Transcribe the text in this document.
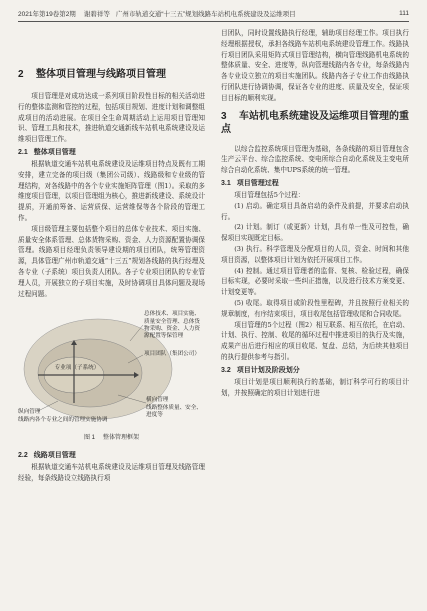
2021年第19卷第2期 谢碧祥等 广州市轨道交通“十三五”规划线路车站机电系统建设及运维项目	111
2 整体项目管理与线路项目管理

项目管理是对成功达成一系列项目阶段性目标的相关活动进行的整体监测和管控的过程，包括项目规划、进度计划和调整组成项目的活动进展。在项目全生命周期活动上运用项目管理知识、管理工具和技术，推进轨道交通新线车站机电系统建设及运维项目管理工作。

2.1 整体项目管理

根据轨道交通车站机电系统建设及运维项目特点及既有工期安排，建立完备的项目级（集团公司级）、线路级和专业级的管理结构，对各线路中的各个专业实施矩阵管理（图1）。采取的多维度项目管理，以项目管理组为核心，推进新线建设、系统设计提质，开通前筹备、运营质保、运营维保等各个阶段的管理工作。

项目级管理主要包括整个项目的总体专业技术、项目实施、质量安全体系管理、总体货物采购、资金、人力资源配置协调保管理。线路项目经理负责领导建设期的项目团队，统筹管理资源，具体管理广州市轨道交通“十三五”规划各线路的执行经理及各专业（子系统）项目负责人团队。各子专业项目团队的专业管理人员，开展独立的子项目实施，及时协调项目具体问题及现场过程问题。

总体技术、项目实施、质量安全管理、总体货物采购、资金、人力资源配置等保管理
项目团队（集团公司）
专业项（子系统）
横向管理
线路整体质量、安全、进度等
纵向管理
线路内各个专业之间的管理实施协调
图 1 整体管理框架
2.2 线路项目管理

根据轨道交通车站机电系统建设及运维项目管理及线路管理经验，每条线路设立线路执行项

目团队，同时设置线路执行经理，辅助项目经理工作。项目执行经理根据授权，承担各线路车站机电系统建设管理工作。线路执行项目团队采用矩阵式项目管理结构，横向管理线路机电系统的整体质量、安全、进度等，纵向管理线路内各专业，每条线路内各专业设立独立的项目实施团队。线路内各子专业工作由线路执行团队进行协调协调，保证各专业的进度、质量及安全，保证项目目标的顺利实现。

3 车站机电系统建设及运维项目管理的重点

以综合监控系统项目管理为基础，各条线路的项目管理包含生产云平台、综合监控系统、变电所综合自动化系统及主变电所综合自动化系统、集中UPS系统的统一管理。

3.1 项目管理过程

项目管理包括5个过程：

(1) 启动。确定项目具备启动的条件及前提，并要求启动执行。

(2) 计划。制订（或更新）计划，具有单一性及可控性，确保项目实现既定目标。

(3) 执行。科学管理及分配项目的人员，资金、时间和其他项目资源，以整体项目计划为依托开展项目工作。

(4) 控制。通过项目管理者的监督、复核、检验过程，确保目标实现，必要时采取一些纠正措施，以及进行技术方案变更、计划变更等。

(5) 收尾。取得项目或阶段性里程碑，并且按照行业相关的规章制度，有序结束项目，项目收尾包括管理收尾和合同收尾。

项目管理的5个过程（图2）相互联系、相互依托，在启动、计划、执行、控制、收尾的循环过程中推进项目的执行及实施，成果产出后进行相应的项目收尾、复盘、总结，为后续其他项目的执行提供参考与指引。

3.2 项目计划及阶段划分

项目计划是项目顺利执行的基础，制订科学可行的项目计划，并按照确定的项目计划进行进
